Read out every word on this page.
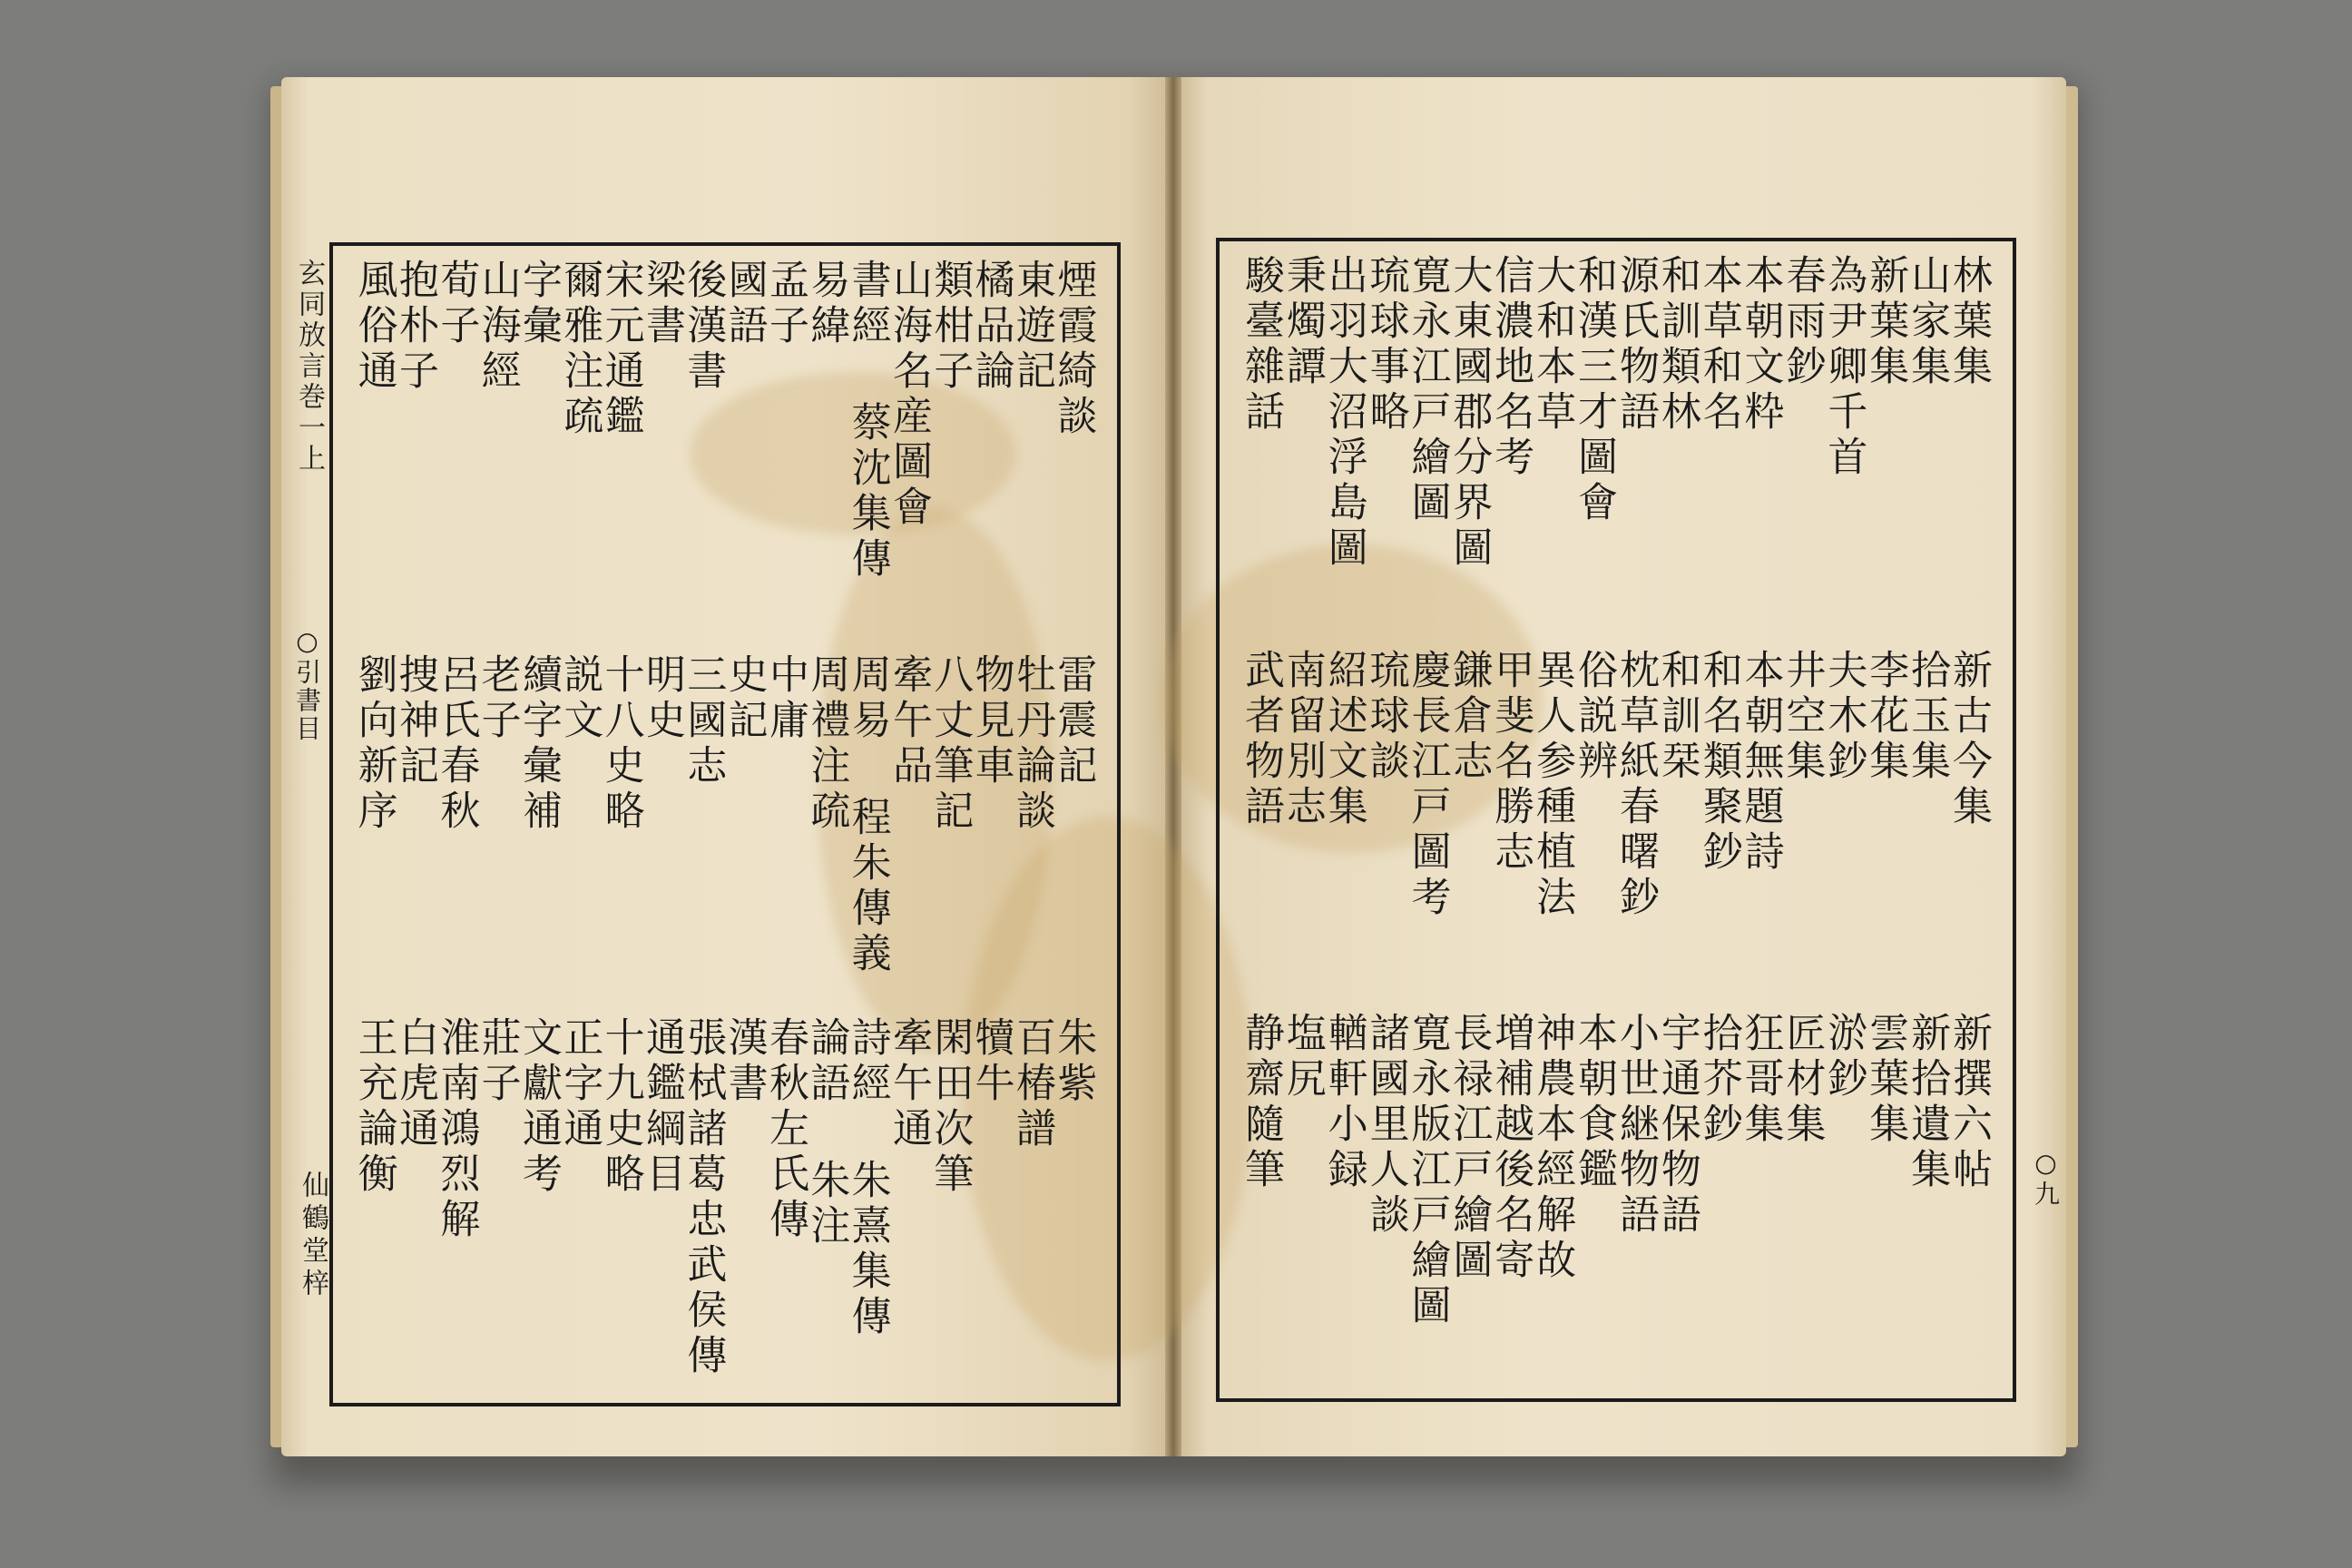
煙霞綺談
雷震記
朱紫
東遊記
牡丹論談
百椿譜
橘品論
物見車
犢牛
類柑子
八丈筆記
閑田次筆
山海名産圖會
牽午品
牽午通
書經 蔡沈集傳
周易 程朱傳義
詩經 朱熹集傳
易緯
周禮注疏
論語 朱注
孟子
中庸
春秋左氏傳
國語
史記
漢書
後漢書
三國志
張栻諸葛忠武侯傳
梁書
明史
通鑑綱目
宋元通鑑
十八史略
十九史略
爾雅注疏
説文
正字通
字彙
續字彙補
文獻通考
山海經
老子
莊子
荀子
呂氏春秋
淮南鴻烈解
抱朴子
捜神記
白虎通
風俗通
劉向新序
王充論衡
林葉集
新古今集
新撰六帖
山家集
拾玉集
新拾遺集
新葉集
李花集
雲葉集
為尹卿千首
夫木鈔
淤鈔
春雨鈔
井空集
匠材集
本朝文粋
本朝無題詩
狂哥集
本草和名
和名類聚鈔
拾芥鈔
和訓類林
和訓栞
宇通保物語
源氏物語
枕草紙春曙鈔
小世継物語
和漢三才圖會
俗説辨
本朝食鑑
大和本草
異人参種植法
神農本經解故
信濃地名考
甲斐名勝志
増補越後名寄
大東國郡分界圖
鎌倉志
長禄江戸繪圖
寛永江戸繪圖
慶長江戸圖考
寛永版江戸繪圖
琉球事略
琉球談
諸國里人談
出羽大沼浮島圖
紹述文集
輶軒小録
秉燭譚
南留別志
塩尻
駿臺雜話
武者物語
静齋隨筆
玄同放言巻一上
○引書目
仙鶴堂梓	○九
